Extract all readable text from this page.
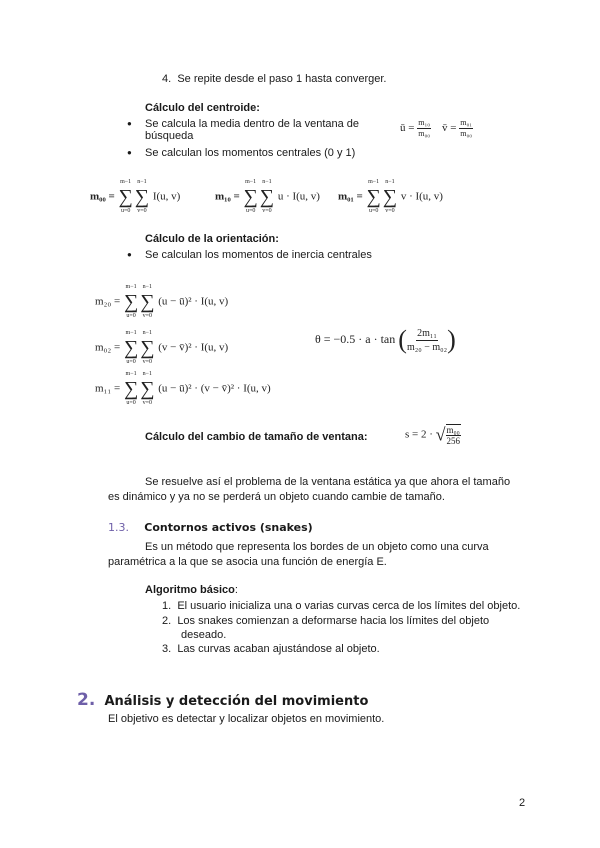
4. Se repite desde el paso 1 hasta converger.
Cálculo del centroide:
● Se calcula la media dentro de la ventana de
búsqueda
● Se calculan los momentos centrales (0 y 1)
ū = $\frac{\text{m₁₀}}{\text{m₀₀}}$ v̄ = $\frac{\text{m₀₁}}{\text{m₀₀}}$
m₀₀ =
m−1
∑
u=0
n−1
∑
v=0
I(u, v)	m₁₀ =
m−1
∑
u=0
n−1
∑
v=0
u · I(u, v) m₀₁ =
m−1
∑
u=0
n−1
∑
v=0
v · I(u, v)
Cálculo de la orientación:
● Se calculan los momentos de inercia centrales
m₂₀ =
m−1
∑
u=0
n−1
∑
v=0
(u − ū)² · I(u, v)
m₀₂ =
m−1
∑
u=0
n−1
∑
v=0
(v − v̄)² · I(u, v)
m₁₁ =
m−1
∑
u=0
n−1
∑
v=0
(u − ū)² · (v − v̄)² · I(u, v)
θ = −0.5 · a · tan ( $\frac{\text{2m₁₁}}{\text{m₂₀ − m₀₂}}$ )
Cálculo del cambio de tamaño de ventana:	s = 2 · √ $\frac{\text{m₀₀}}{256}$
Se resuelve así el problema de la ventana estática ya que ahora el tamaño
es dinámico y ya no se perderá un objeto cuando cambie de tamaño.
1.3. Contornos activos (snakes)
Es un método que representa los bordes de un objeto como una curva
paramétrica a la que se asocia una función de energía E.
Algoritmo básico:
1. El usuario inicializa una o varias curvas cerca de los límites del objeto.
2. Los snakes comienzan a deformarse hacia los límites del objeto
deseado.
3. Las curvas acaban ajustándose al objeto.
2. Análisis y detección del movimiento
El objetivo es detectar y localizar objetos en movimiento.
2
